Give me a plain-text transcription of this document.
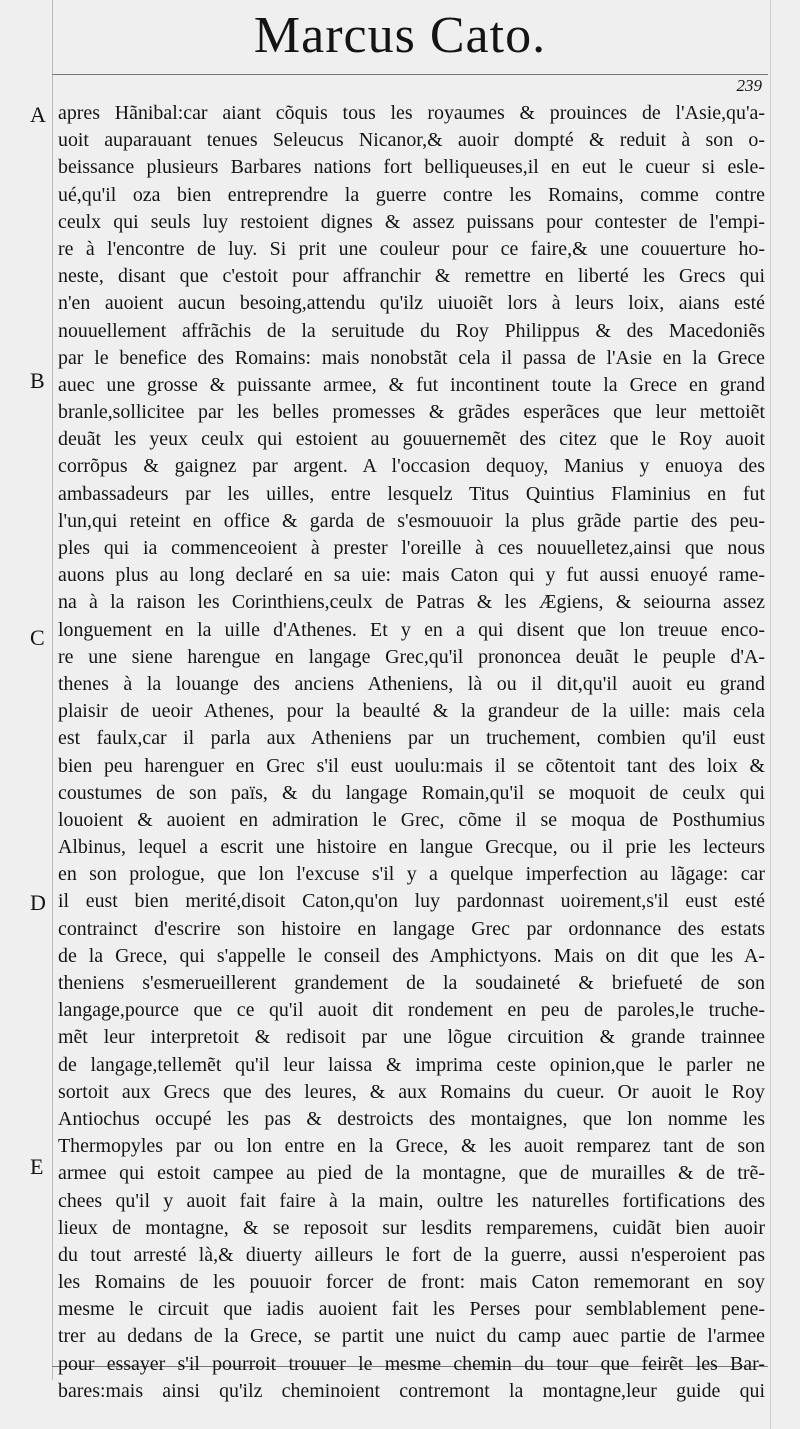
Marcus Cato.
239
A
B
C
D
E
apres Hãnibal:car aiant cõquis tous les royaumes & prouinces de l'Asie,qu'a-
uoit auparauant tenues Seleucus Nicanor,& auoir dompté & reduit à son o-
beissance plusieurs Barbares nations fort belliqueuses,il en eut le cueur si esle-
ué,qu'il oza bien entreprendre la guerre contre les Romains, comme contre
ceulx qui seuls luy restoient dignes & assez puissans pour contester de l'empi-
re à l'encontre de luy. Si prit une couleur pour ce faire,& une couuerture ho-
neste, disant que c'estoit pour affranchir & remettre en liberté les Grecs qui
n'en auoient aucun besoing,attendu qu'ilz uiuoiẽt lors à leurs loix, aians esté
nouuellement affrãchis de la seruitude du Roy Philippus & des Macedoniẽs
par le benefice des Romains: mais nonobstãt cela il passa de l'Asie en la Grece
auec une grosse & puissante armee, & fut incontinent toute la Grece en grand
branle,sollicitee par les belles promesses & grãdes esperãces que leur mettoiẽt
deuãt les yeux ceulx qui estoient au gouuernemẽt des citez que le Roy auoit
corrõpus & gaignez par argent. A l'occasion dequoy, Manius y enuoya des
ambassadeurs par les uilles, entre lesquelz Titus Quintius Flaminius en fut
l'un,qui reteint en office & garda de s'esmouuoir la plus grãde partie des peu-
ples qui ia commenceoient à prester l'oreille à ces nouuelletez,ainsi que nous
auons plus au long declaré en sa uie: mais Caton qui y fut aussi enuoyé rame-
na à la raison les Corinthiens,ceulx de Patras & les Ægiens, & seiourna assez
longuement en la uille d'Athenes. Et y en a qui disent que lon treuue enco-
re une siene harengue en langage Grec,qu'il prononcea deuãt le peuple d'A-
thenes à la louange des anciens Atheniens, là ou il dit,qu'il auoit eu grand
plaisir de ueoir Athenes, pour la beaulté & la grandeur de la uille: mais cela
est faulx,car il parla aux Atheniens par un truchement, combien qu'il eust
bien peu harenguer en Grec s'il eust uoulu:mais il se cõtentoit tant des loix &
coustumes de son païs, & du langage Romain,qu'il se moquoit de ceulx qui
louoient & auoient en admiration le Grec, cõme il se moqua de Posthumius
Albinus, lequel a escrit une histoire en langue Grecque, ou il prie les lecteurs
en son prologue, que lon l'excuse s'il y a quelque imperfection au lãgage: car
il eust bien merité,disoit Caton,qu'on luy pardonnast uoirement,s'il eust esté
contrainct d'escrire son histoire en langage Grec par ordonnance des estats
de la Grece, qui s'appelle le conseil des Amphictyons. Mais on dit que les A-
theniens s'esmerueillerent grandement de la soudaineté & briefueté de son
langage,pource que ce qu'il auoit dit rondement en peu de paroles,le truche-
mẽt leur interpretoit & redisoit par une lõgue circuition & grande trainnee
de langage,tellemẽt qu'il leur laissa & imprima ceste opinion,que le parler ne
sortoit aux Grecs que des leures, & aux Romains du cueur. Or auoit le Roy
Antiochus occupé les pas & destroicts des montaignes, que lon nomme les
Thermopyles par ou lon entre en la Grece, & les auoit remparez tant de son
armee qui estoit campee au pied de la montagne, que de murailles & de trẽ-
chees qu'il y auoit fait faire à la main, oultre les naturelles fortifications des
lieux de montagne, & se reposoit sur lesdits remparemens, cuidãt bien auoir
du tout arresté là,& diuerty ailleurs le fort de la guerre, aussi n'esperoient pas
les Romains de les pouuoir forcer de front: mais Caton rememorant en soy
mesme le circuit que iadis auoient fait les Perses pour semblablement pene-
trer au dedans de la Grece, se partit une nuict du camp auec partie de l'armee
pour essayer s'il pourroit trouuer le mesme chemin du tour que feirẽt les Bar-
bares:mais ainsi qu'ilz cheminoient contremont la montagne,leur guide qui
